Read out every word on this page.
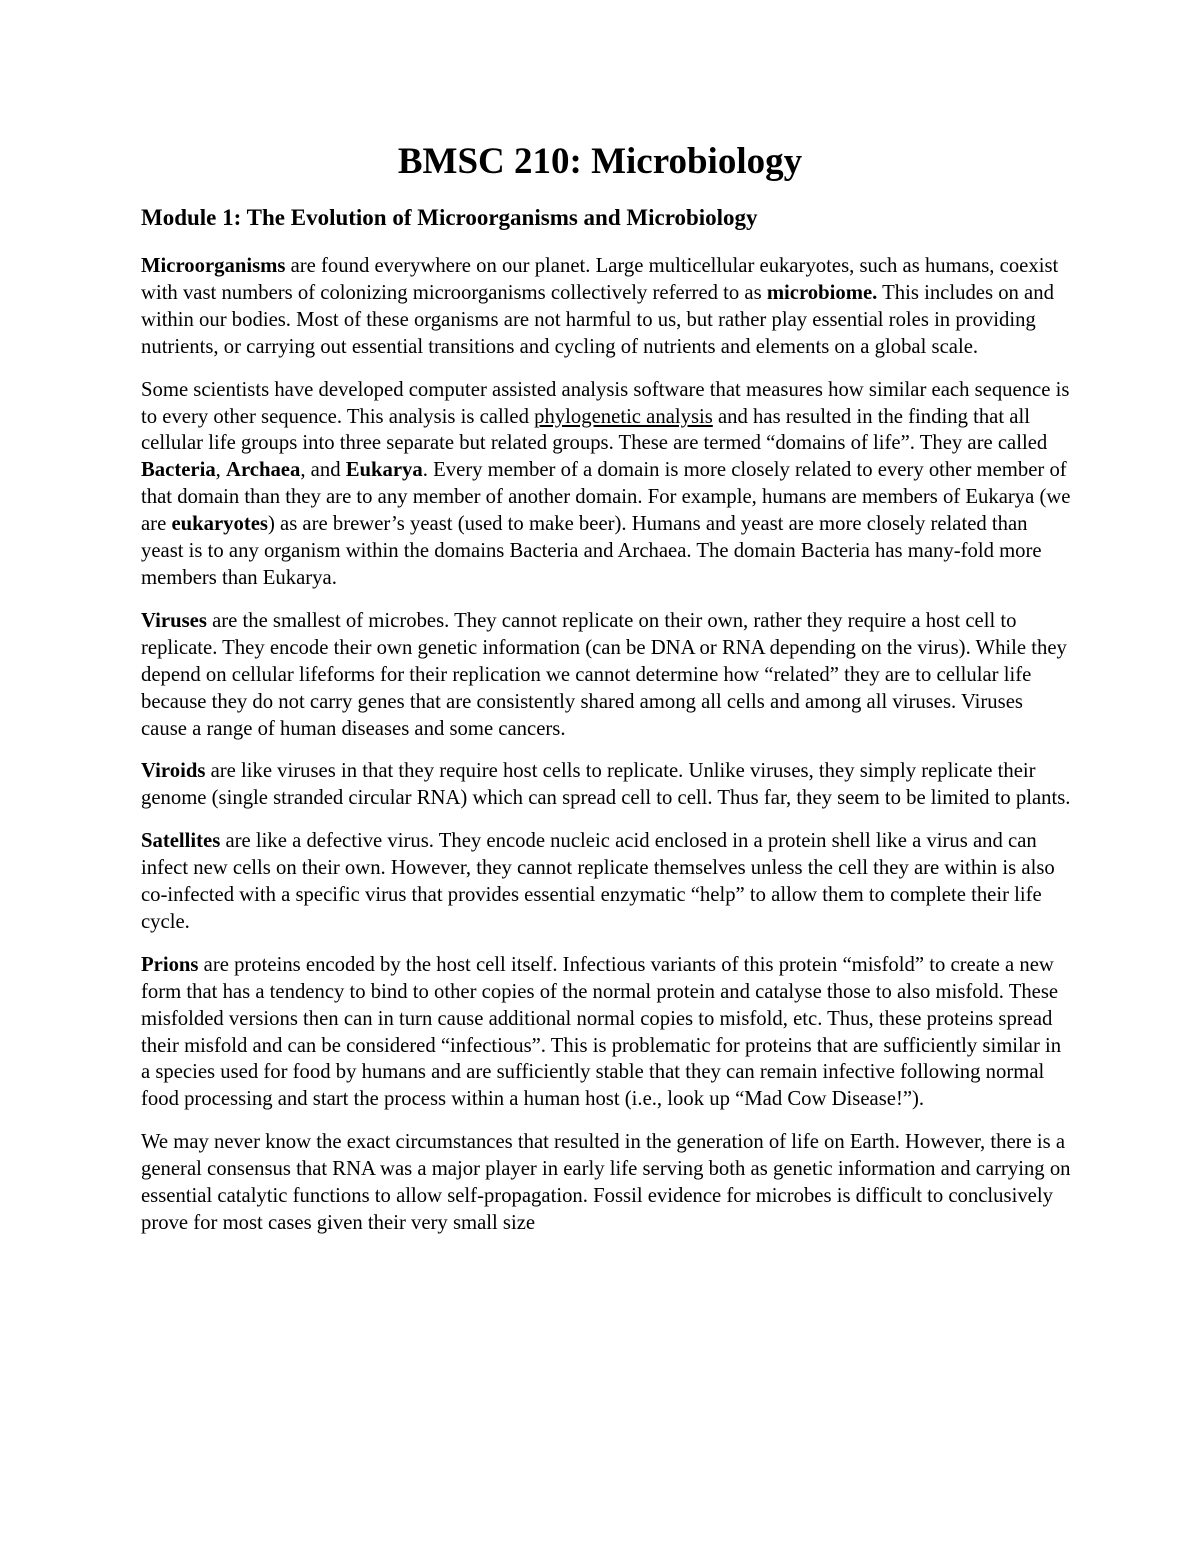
BMSC 210: Microbiology
Module 1: The Evolution of Microorganisms and Microbiology

Microorganisms are found everywhere on our planet. Large multicellular eukaryotes, such as humans, coexist with vast numbers of colonizing microorganisms collectively referred to as microbiome. This includes on and within our bodies. Most of these organisms are not harmful to us, but rather play essential roles in providing nutrients, or carrying out essential transitions and cycling of nutrients and elements on a global scale.

Some scientists have developed computer assisted analysis software that measures how similar each sequence is to every other sequence. This analysis is called phylogenetic analysis and has resulted in the finding that all cellular life groups into three separate but related groups. These are termed “domains of life”. They are called Bacteria, Archaea, and Eukarya. Every member of a domain is more closely related to every other member of that domain than they are to any member of another domain. For example, humans are members of Eukarya (we are eukaryotes) as are brewer’s yeast (used to make beer). Humans and yeast are more closely related than yeast is to any organism within the domains Bacteria and Archaea. The domain Bacteria has many-fold more members than Eukarya.

Viruses are the smallest of microbes. They cannot replicate on their own, rather they require a host cell to replicate. They encode their own genetic information (can be DNA or RNA depending on the virus). While they depend on cellular lifeforms for their replication we cannot determine how “related” they are to cellular life because they do not carry genes that are consistently shared among all cells and among all viruses. Viruses cause a range of human diseases and some cancers.

Viroids are like viruses in that they require host cells to replicate. Unlike viruses, they simply replicate their genome (single stranded circular RNA) which can spread cell to cell. Thus far, they seem to be limited to plants.

Satellites are like a defective virus. They encode nucleic acid enclosed in a protein shell like a virus and can infect new cells on their own. However, they cannot replicate themselves unless the cell they are within is also co-infected with a specific virus that provides essential enzymatic “help” to allow them to complete their life cycle.

Prions are proteins encoded by the host cell itself. Infectious variants of this protein “misfold” to create a new form that has a tendency to bind to other copies of the normal protein and catalyse those to also misfold. These misfolded versions then can in turn cause additional normal copies to misfold, etc. Thus, these proteins spread their misfold and can be considered “infectious”. This is problematic for proteins that are sufficiently similar in a species used for food by humans and are sufficiently stable that they can remain infective following normal food processing and start the process within a human host (i.e., look up “Mad Cow Disease!”).

We may never know the exact circumstances that resulted in the generation of life on Earth. However, there is a general consensus that RNA was a major player in early life serving both as genetic information and carrying on essential catalytic functions to allow self-propagation. Fossil evidence for microbes is difficult to conclusively prove for most cases given their very small size
